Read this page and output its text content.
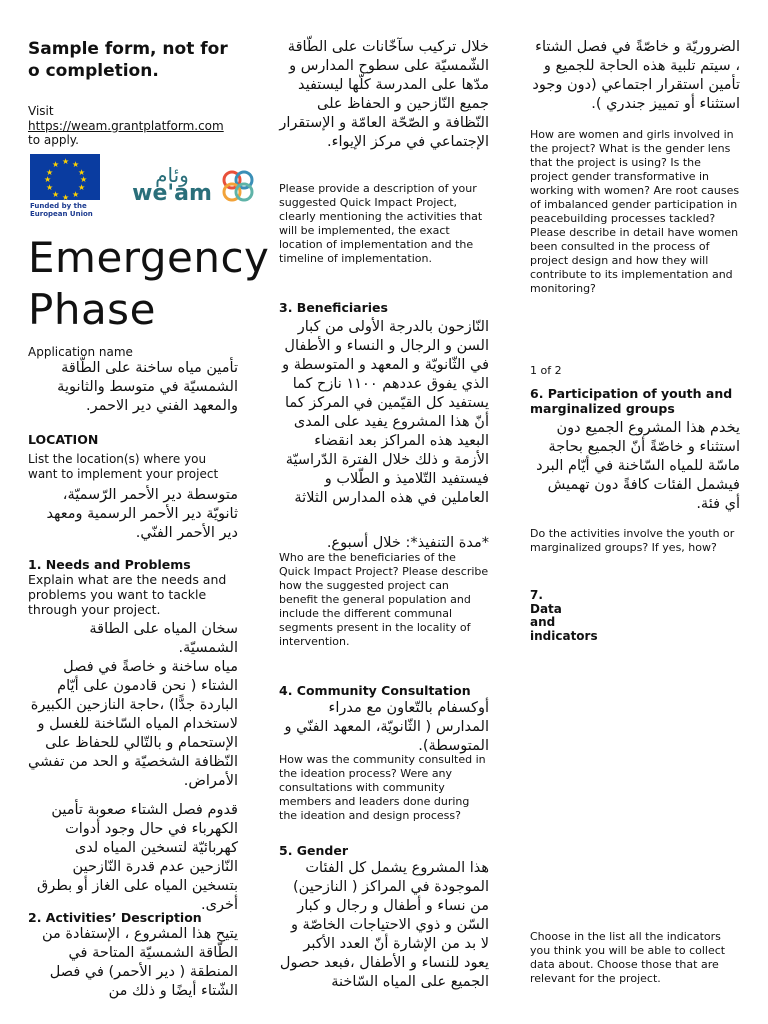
Sample form, not for o completion.
Visit
https://weam.grantplatform.com to apply.
★ ★
★
★
★
★
★
★
★
★
★
★
Funded by the European Union
وئام
we'am
Emergency Phase
Application name
تأمين مياه ساخنة على الطّاقة الشمسيّة في متوسط والثانوية والمعهد الفني دير الاحمر.
LOCATION
List the location(s) where you want to implement your project
متوسطة دير الأحمر الرّسميّة، ثانويّة دير الأحمر الرسمية ومعهد دير الأحمر الفنّي.
1. Needs and Problems
Explain what are the needs and problems you want to tackle through your project.
سخان المياه على الطاقة الشمسيّة.
مياه ساخنة و خاصةً في فصل الشتاء ( نحن قادمون على أيّام الباردة جدًّا) ،حاجة النازحين الكبيرة لاستخدام المياه السّاخنة للغسل و الإستحمام و بالتّالي للحفاظ على النّظافة الشخصيّة و الحد من تفشي الأمراض.
قدوم فصل الشتاء صعوبة تأمين الكهرباء في حال وجود أدوات كهربائيّة لتسخين المياه لدى النّازحين عدم قدرة النّازحين بتسخين المياه على الغاز أو بطرق أخرى.
2. Activities’ Description
يتيح هذا المشروع ، الإستفادة من الطّاقة الشمسيّة المتاحة في المنطقة ( دير الأحمر) في فصل الشّتاء أيضًا و ذلك من
خلال تركيب سآخّانات على الطّاقة الشّمسيّة على سطوح المدارس و مدّها على المدرسة كلّها ليستفيد جميع النّازحين و الحفاظ على النّظافة و الصّحّة العامّة و الإستقرار الإجتماعي في مركز الإيواء.
Please provide a description of your suggested Quick Impact Project, clearly mentioning the activities that will be implemented, the exact location of implementation and the timeline of implementation.
3. Beneficiaries
النّازحون بالدرجة الأولى من كبار السن و الرجال و النساء و الأطفال في الثّانويّة و المعهد و المتوسطة و الذي يفوق عددهم ١١٠٠ نازح كما يستفيد كل القيّمين في المركز كما أنّ هذا المشروع يفيد على المدى البعيد هذه المراكز بعد انقضاء الأزمة و ذلك خلال الفترة الدّراسيّة فيستفيد التّلاميذ و الطّلاب و العاملين في هذه المدارس الثلاثة
*مدة التنفيذ*: خلال أسبوع.
Who are the beneficiaries of the Quick Impact Project? Please describe how the suggested project can benefit the general population and include the different communal segments present in the locality of intervention.
4. Community Consultation
أوكسفام بالتّعاون مع مدراء المدارس ( الثّانويّة، المعهد الفنّي و المتوسطة).
How was the community consulted in the ideation process? Were any consultations with community members and leaders done during the ideation and design process?
5. Gender
هذا المشروع يشمل كل الفئات الموجودة في المراكز ( النازحين) من نساء و أطفال و رجال و كبار السّن و ذوي الاحتياجات الخاصّة و لا بد من الإشارة أنّ العدد الأكبر يعود للنساء و الأطفال ،فبعد حصول الجميع على المياه السّاخنة
الضروريّة و خاصّةً في فصل الشتاء ، سيتم تلبية هذه الحاجة للجميع و تأمين استقرار اجتماعي (دون وجود استثناء أو تمييز جندري ).
How are women and girls involved in the project? What is the gender lens that the project is using? Is the project gender transformative in working with women? Are root causes of imbalanced gender participation in peacebuilding processes tackled? Please describe in detail have women been consulted in the process of project design and how they will contribute to its implementation and monitoring?
1 of 2
6. Participation of youth and marginalized groups
يخدم هذا المشروع الجميع دون استثناء و خاصّةً أنّ الجميع بحاجة ماسّة للمياه السّاخنة في أيّام البرد فيشمل الفئات كافةً دون تهميش أي فئة.
Do the activities involve the youth or marginalized groups? If yes, how?
7. Data and indicators
Choose in the list all the indicators you think you will be able to collect data about. Choose those that are relevant for the project.
